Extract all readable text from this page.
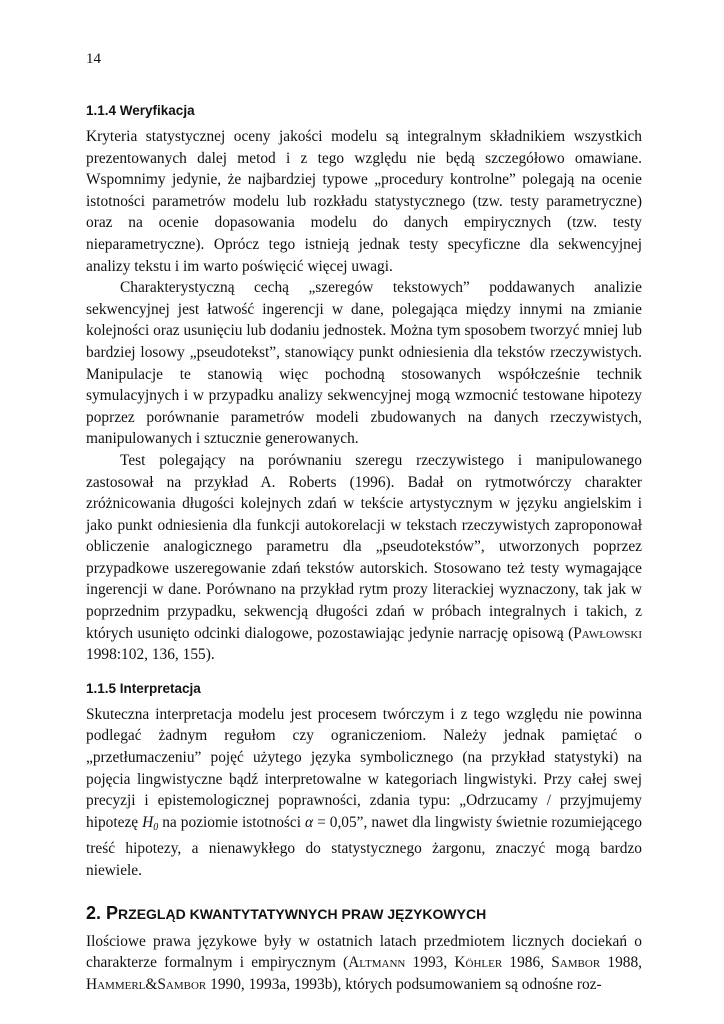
14
1.1.4 Weryfikacja

Kryteria statystycznej oceny jakości modelu są integralnym składnikiem wszystkich prezentowanych dalej metod i z tego względu nie będą szczegółowo omawiane. Wspomnimy jedynie, że najbardziej typowe „procedury kontrolne” polegają na ocenie istotności parametrów modelu lub rozkładu statystycznego (tzw. testy parametryczne) oraz na ocenie dopasowania modelu do danych empirycznych (tzw. testy nieparametryczne). Oprócz tego istnieją jednak testy specyficzne dla sekwencyjnej analizy tekstu i im warto poświęcić więcej uwagi.

Charakterystyczną cechą „szeregów tekstowych” poddawanych analizie sekwencyjnej jest łatwość ingerencji w dane, polegająca między innymi na zmianie kolejności oraz usunięciu lub dodaniu jednostek. Można tym sposobem tworzyć mniej lub bardziej losowy „pseudotekst”, stanowiący punkt odniesienia dla tekstów rzeczywistych. Manipulacje te stanowią więc pochodną stosowanych współcześnie technik symulacyjnych i w przypadku analizy sekwencyjnej mogą wzmocnić testowane hipotezy poprzez porównanie parametrów modeli zbudowanych na danych rzeczywistych, manipulowanych i sztucznie generowanych.

Test polegający na porównaniu szeregu rzeczywistego i manipulowanego zastosował na przykład A. Roberts (1996). Badał on rytmotwórczy charakter zróżnicowania długości kolejnych zdań w tekście artystycznym w języku angielskim i jako punkt odniesienia dla funkcji autokorelacji w tekstach rzeczywistych zaproponował obliczenie analogicznego parametru dla „pseudotekstów”, utworzonych poprzez przypadkowe uszeregowanie zdań tekstów autorskich. Stosowano też testy wymagające ingerencji w dane. Porównano na przykład rytm prozy literackiej wyznaczony, tak jak w poprzednim przypadku, sekwencją długości zdań w próbach integralnych i takich, z których usunięto odcinki dialogowe, pozostawiając jedynie narrację opisową (Pawłowski 1998:102, 136, 155).

1.1.5 Interpretacja

Skuteczna interpretacja modelu jest procesem twórczym i z tego względu nie powinna podlegać żadnym regułom czy ograniczeniom. Należy jednak pamiętać o „przetłumaczeniu” pojęć użytego języka symbolicznego (na przykład statystyki) na pojęcia lingwistyczne bądź interpretowalne w kategoriach lingwistyki. Przy całej swej precyzji i epistemologicznej poprawności, zdania typu: „Odrzucamy / przyjmujemy hipotezę $H_0$ na poziomie istotności α = 0,05”, nawet dla lingwisty świetnie rozumiejącego treść hipotezy, a nienawykłego do statystycznego żargonu, znaczyć mogą bardzo niewiele.

2. PRZEGLĄD KWANTYTATYWNYCH PRAW JĘZYKOWYCH

Ilościowe prawa językowe były w ostatnich latach przedmiotem licznych dociekań o charakterze formalnym i empirycznym (Altmann 1993, Köhler 1986, Sambor 1988, Hammerl&Sambor 1990, 1993a, 1993b), których podsumowaniem są odnośne roz-
